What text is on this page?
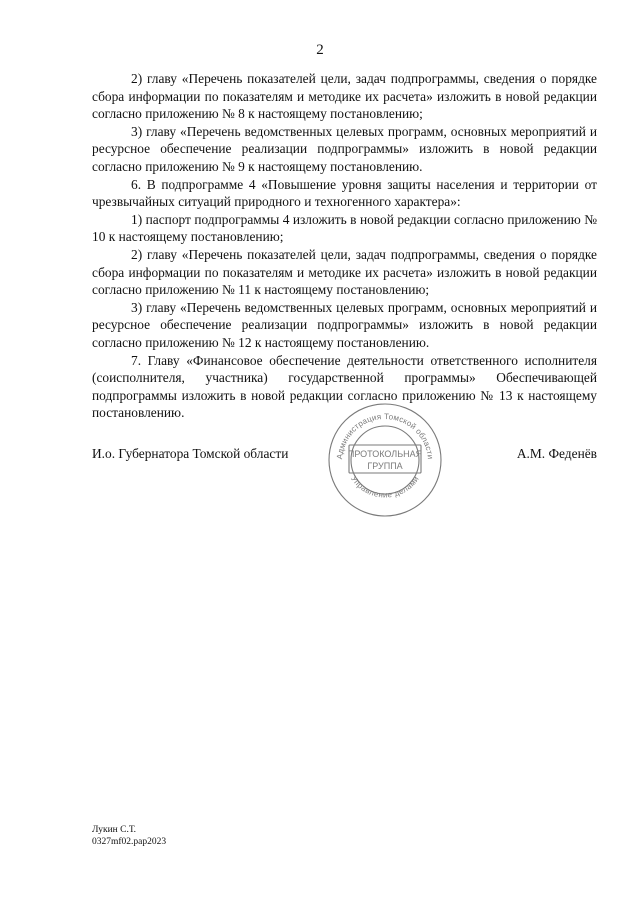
2

2) главу «Перечень показателей цели, задач подпрограммы, сведения о порядке сбора информации по показателям и методике их расчета» изложить в новой редакции согласно приложению № 8 к настоящему постановлению;

3) главу «Перечень ведомственных целевых программ, основных мероприятий и ресурсное обеспечение реализации подпрограммы» изложить в новой редакции согласно приложению № 9 к настоящему постановлению.

6. В подпрограмме 4 «Повышение уровня защиты населения и территории от чрезвычайных ситуаций природного и техногенного характера»:

1) паспорт подпрограммы 4 изложить в новой редакции согласно приложению № 10 к настоящему постановлению;

2) главу «Перечень показателей цели, задач подпрограммы, сведения о порядке сбора информации по показателям и методике их расчета» изложить в новой редакции согласно приложению № 11 к настоящему постановлению;

3) главу «Перечень ведомственных целевых программ, основных мероприятий и ресурсное обеспечение реализации подпрограммы» изложить в новой редакции согласно приложению № 12 к настоящему постановлению.

7. Главу «Финансовое обеспечение деятельности ответственного исполнителя (соисполнителя, участника) государственной программы» Обеспечивающей подпрограммы изложить в новой редакции согласно приложению № 13 к настоящему постановлению.

И.о. Губернатора Томской области	А.М. Феденёв
Администрация Томской области
Управление делами
ПРОТОКОЛЬНАЯ
ГРУППА
Лукин С.Т.
0327mf02.pap2023
